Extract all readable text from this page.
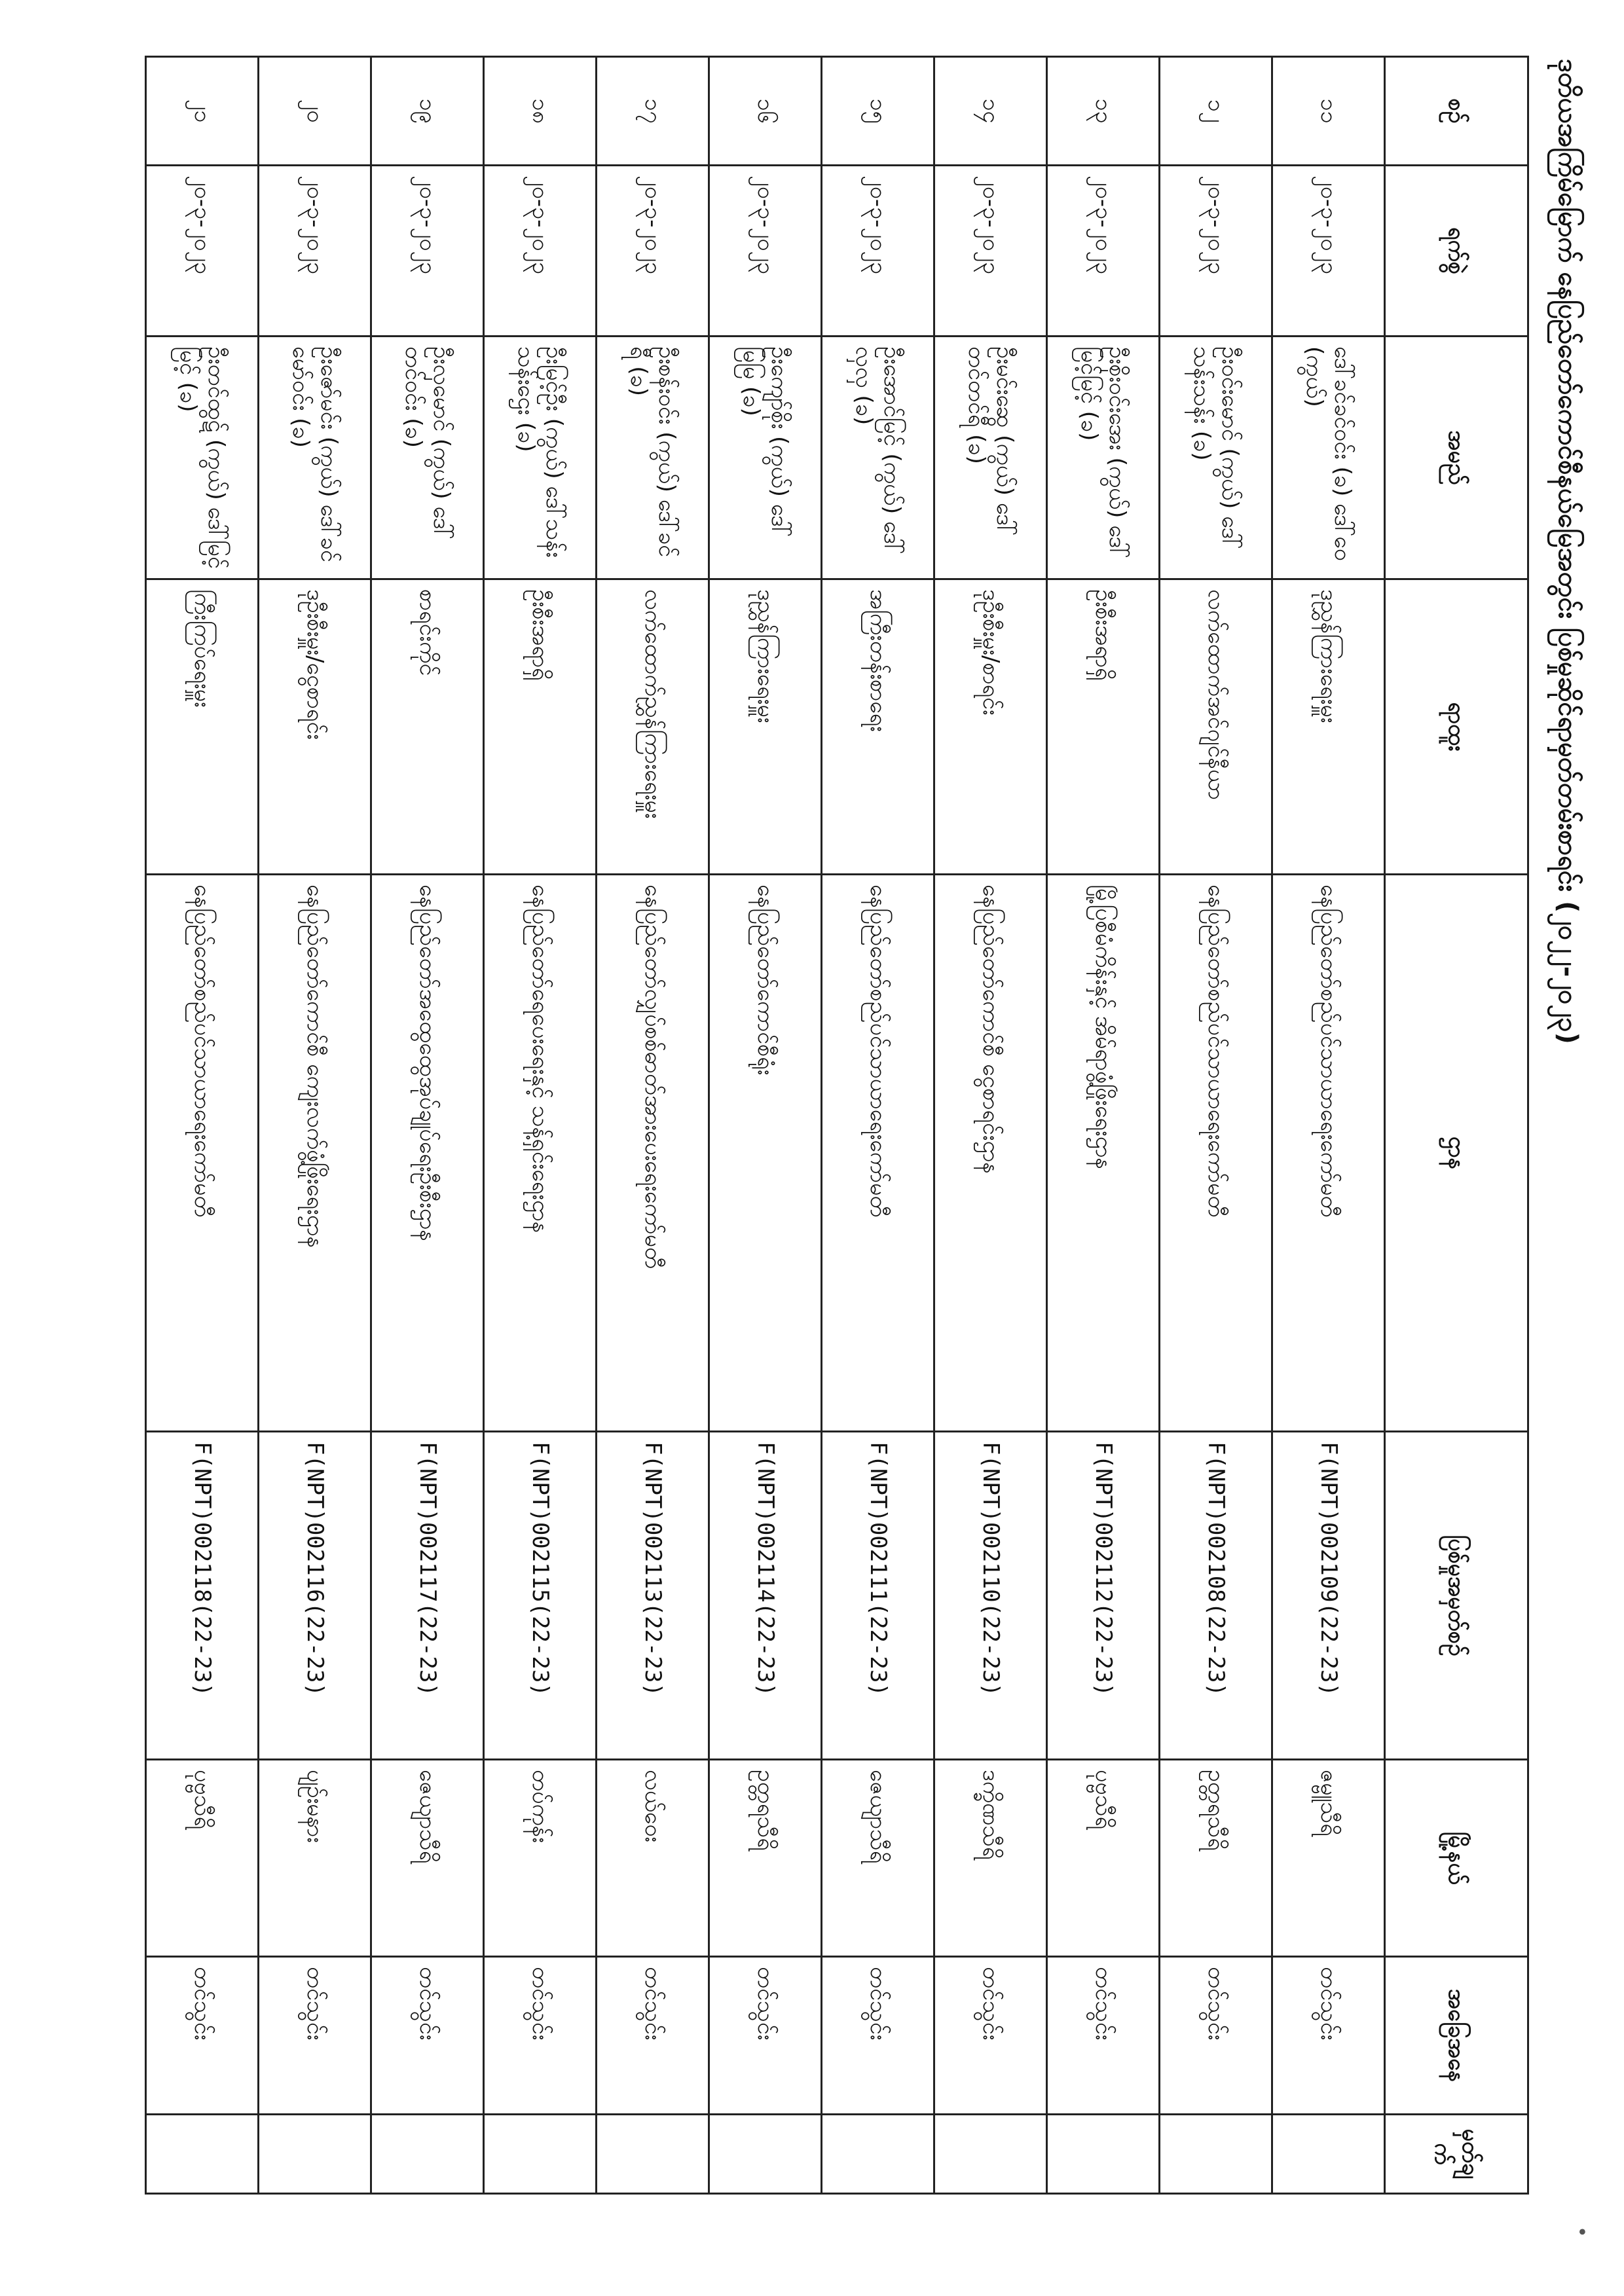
ဒုတိယအကြိမ်မြောက် နေပြည်တော်ကောင်စီနယ်မြေအတွင်း ပြစ်မှုဆိုင်ရာမှတ်တမ်းစာရင်း (၂၀၂၂-၂၀၂၃)
•
စဉ်	ရက်စွဲ	အမည်	ရာထူး	ဌာန	ပြစ်မှုအမှတ်စဉ်	မြို့နယ်	အခြေအနေ	မှတ်ချက်
၁၁	၂၀-၃-၂၀၂၃	ဒေါ်ခင်ခင်ဝင်း (ခ) ဒေါ်ဝေ (ကွယ်)	ဒုညွှန်ကြားရေးမှူး	နေပြည်တော်စည်ပင်သာယာရေးကော်မတီ	F(NPT)002109(22-23)	ဇမ္ဗူသီရိ	တင်သွင်း	
၁၂	၂၀-၃-၂၀၂၃	ဦးဝင်းမောင် (ကွယ်) ဒေါ်သန်းသန်း (ခ)	လက်ထောက်အင်ဂျင်နီယာ	နေပြည်တော်စည်ပင်သာယာရေးကော်မတီ	F(NPT)002108(22-23)	ဥတ္တရသီရိ	တင်သွင်း	
၁၃	၂၀-၃-၂၀၂၃	ဦးစိုးဝင်းအေး (ကွယ်) ဒေါ်မြင့်မြင့် (ခ)	ဦးစီးအရာရှိ	မြို့ပြစီမံကိန်းနှင့် အိမ်ရာဖွံ့ဖြိုးရေးဌာန	F(NPT)002112(22-23)	ပုဗ္ဗသီရိ	တင်သွင်း	
၁၄	၂၀-၃-၂၀၂၃	ဦးမင်းဆွေ (ကွယ်) ဒေါ်တင်တင်ရီ (ခ)	ဒုဦးစီးမှူး/စာရင်း	နေပြည်တော်ကောင်စီ ငွေစာရင်းဌာန	F(NPT)002110(22-23)	ဒက္ခိဏသီရိ	တင်သွင်း	
၁၅	၂၀-၃-၂၀၂၃	ဦးအောင်မြင့် (ကွယ်) ဒေါ်လှလှ (ခ)	အကြီးတန်းစာရေး	နေပြည်တော်စည်ပင်သာယာရေးကော်မတီ	F(NPT)002111(22-23)	ဇေယျာသီရိ	တင်သွင်း	
၁၆	၂၀-၃-၂၀၂၃	ဦးကျော်စိုး (ကွယ်) ဒေါ်မြမြ (ခ)	ဒုညွှန်ကြားရေးမှူး	နေပြည်တော်ကောင်စီရုံး	F(NPT)002114(22-23)	ဥတ္တရသီရိ	တင်သွင်း	
၁၇	၂၀-၃-၂၀၂၃	ဦးစန်းဝင်း (ကွယ်) ဒေါ်ခင်ရီ (ခ)	လက်ထောက်ညွှန်ကြားရေးမှူး	နေပြည်တော်လျှပ်စစ်ဓာတ်အားပေးရေးကော်မတီ	F(NPT)002113(22-23)	လယ်ဝေး	တင်သွင်း	
၁၈	၂၀-၃-၂၀၂၃	ဦးမြင့်ဦး (ကွယ်) ဒေါ်သန်းသန်းဌေး (ခ)	ဦးစီးအရာရှိ	နေပြည်တော်ရေပေးရေးနှင့် သန့်ရှင်းရေးဌာန	F(NPT)002115(22-23)	တပ်ကုန်း	တင်သွင်း	
၁၉	၂၀-၃-၂၀၂၃	ဦးလှမောင် (ကွယ်) ဒေါ်တင်ဝင်း (ခ)	စာရင်းကိုင်	နေပြည်တော်အထွေထွေအုပ်ချုပ်ရေးဦးစီးဌာန	F(NPT)002117(22-23)	ဇေယျာသီရိ	တင်သွင်း	
၂၀	၂၀-၃-၂၀၂၃	ဦးဇော်မင်း (ကွယ်) ဒေါ်ခင်မော်ဝင်း (ခ)	ဒုဦးစီးမှူး/ငွေစာရင်း	နေပြည်တော်ကောင်စီ ကျေးလက်ဖွံ့ဖြိုးရေးဌာန	F(NPT)002116(22-23)	ပျဉ်းမနား	တင်သွင်း	
၂၁	၂၀-၃-၂၀၂၃	ဦးတင်ထွဋ် (ကွယ်) ဒေါ်မြင့်မြင့် (ခ)	ကြီးကြပ်ရေးမှူး	နေပြည်တော်စည်ပင်သာယာရေးကော်မတီ	F(NPT)002118(22-23)	ပုဗ္ဗသီရိ	တင်သွင်း	
